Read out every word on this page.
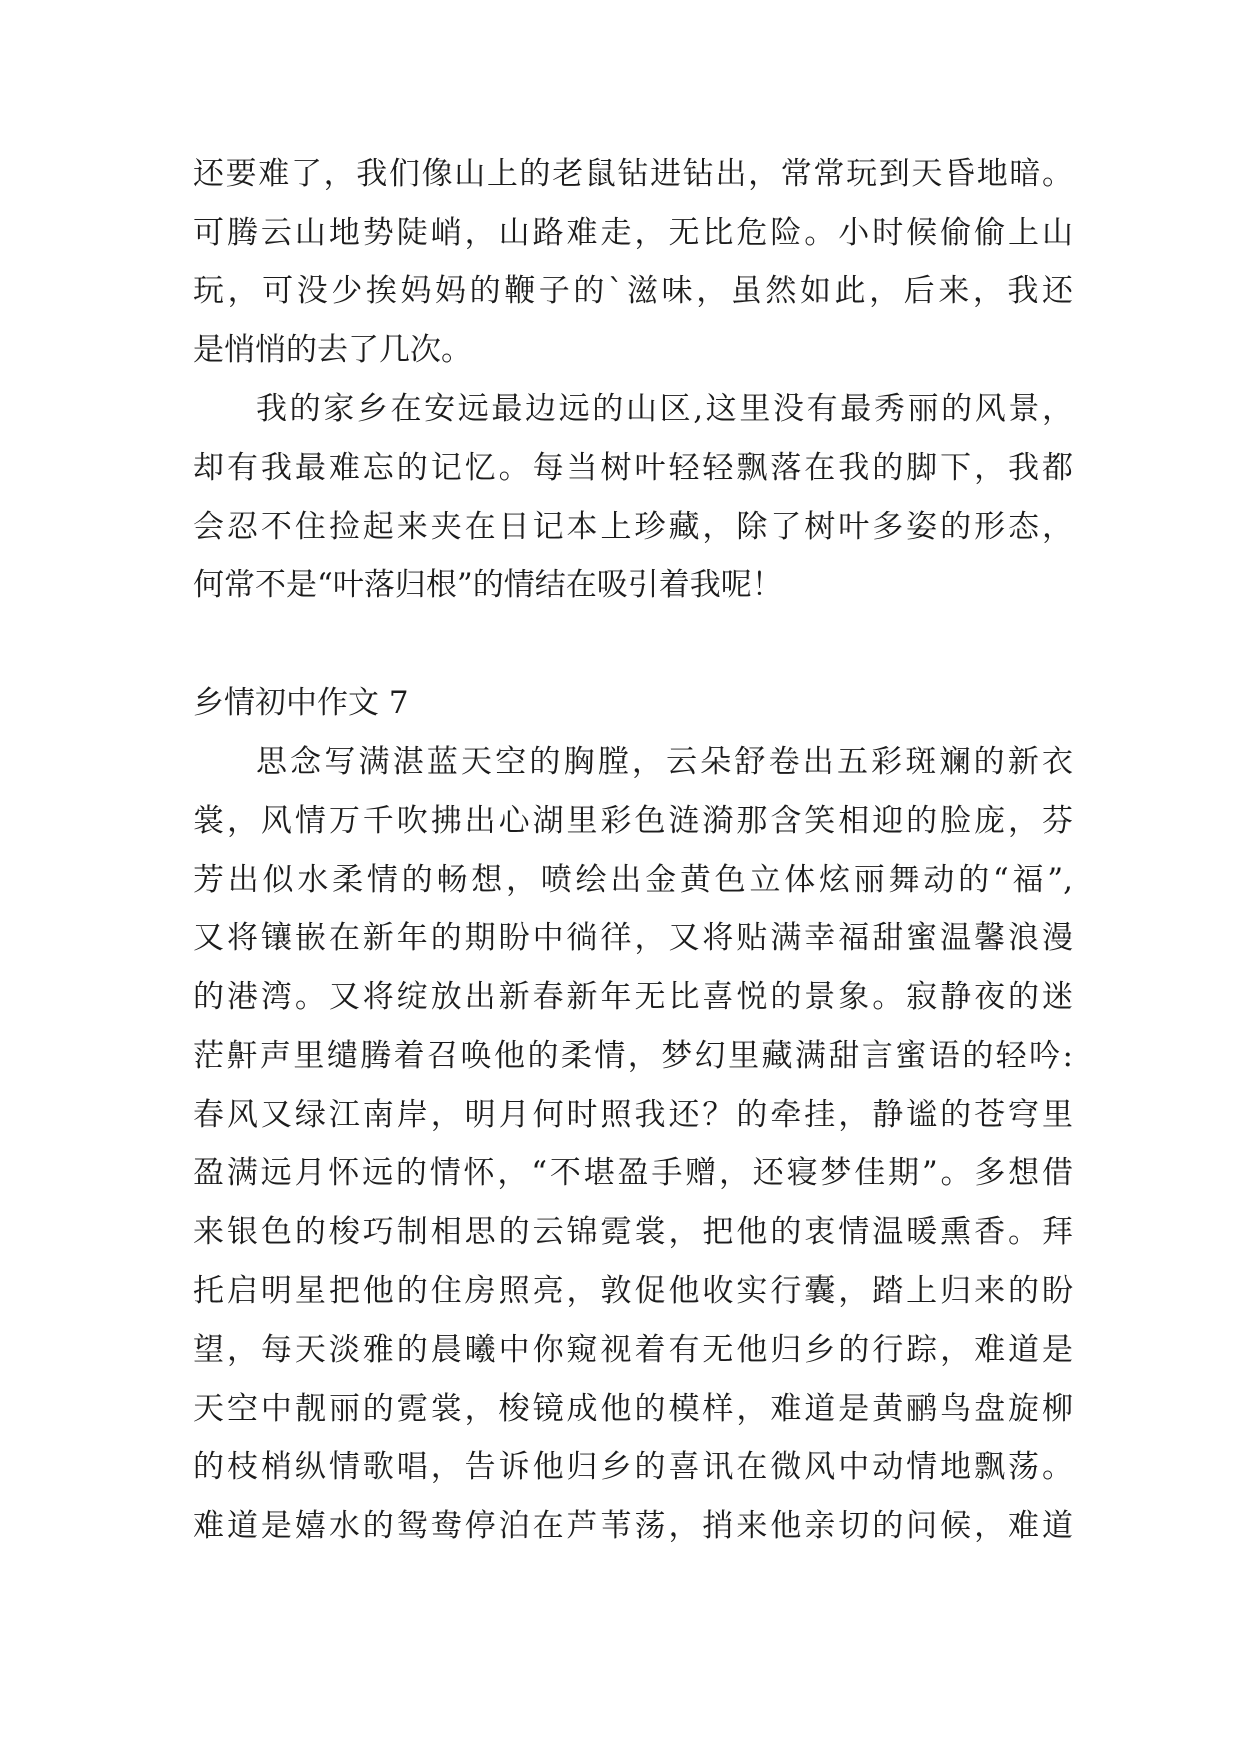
还要难了，我们像山上的老鼠钻进钻出，常常玩到天昏地暗。
可腾云山地势陡峭，山路难走，无比危险。小时候偷偷上山
玩，可没少挨妈妈的鞭子的`滋味，虽然如此，后来，我还
是悄悄的去了几次。
我的家乡在安远最边远的山区,这里没有最秀丽的风景，
却有我最难忘的记忆。每当树叶轻轻飘落在我的脚下，我都
会忍不住捡起来夹在日记本上珍藏，除了树叶多姿的形态，
何常不是“叶落归根”的情结在吸引着我呢！
乡情初中作文 7
思念写满湛蓝天空的胸膛，云朵舒卷出五彩斑斓的新衣
裳，风情万千吹拂出心湖里彩色涟漪那含笑相迎的脸庞，芬
芳出似水柔情的畅想，喷绘出金黄色立体炫丽舞动的“福”,
又将镶嵌在新年的期盼中徜徉，又将贴满幸福甜蜜温馨浪漫
的港湾。又将绽放出新春新年无比喜悦的景象。寂静夜的迷
茫鼾声里缱腾着召唤他的柔情，梦幻里藏满甜言蜜语的轻吟:
春风又绿江南岸，明月何时照我还？的牵挂，静谧的苍穹里
盈满远月怀远的情怀，“不堪盈手赠，还寝梦佳期”。多想借
来银色的梭巧制相思的云锦霓裳，把他的衷情温暖熏香。拜
托启明星把他的住房照亮，敦促他收实行囊，踏上归来的盼
望，每天淡雅的晨曦中你窥视着有无他归乡的行踪，难道是
天空中靓丽的霓裳，梭镜成他的模样，难道是黄鹂鸟盘旋柳
的枝梢纵情歌唱，告诉他归乡的喜讯在微风中动情地飘荡。
难道是嬉水的鸳鸯停泊在芦苇荡，捎来他亲切的问候，难道
